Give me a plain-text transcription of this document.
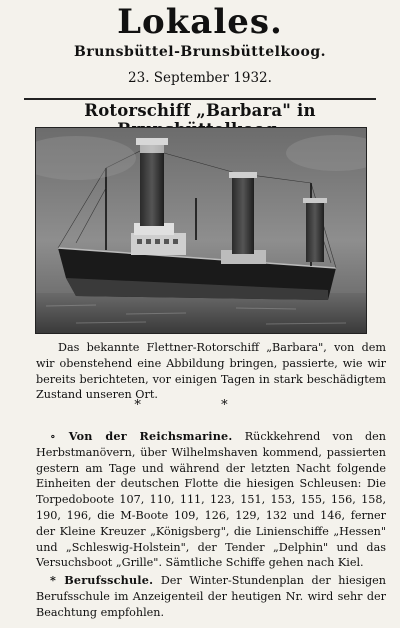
Lokales.
Brunsbüttel-Brunsbüttelkoog.
23. September 1932.
Rotorschiff „Barbara" in
Das bekannte Flettner-Rotorschiff „Barbara", von dem wir obenstehend eine Abbildung bringen, passierte, wie wir bereits berichteten, vor einigen Tagen in stark beschädigtem Zustand unseren Ort.
*	*
∘ Von der Reichsmarine. Rückkehrend von den Herbstmanövern, über Wilhelmshaven kommend, passierten gestern am Tage und während der letzten Nacht folgende Einheiten der deutschen Flotte die hiesigen Schleusen: Die Torpedoboote 107, 110, 111, 123, 151, 153, 155, 156, 158, 190, 196, die M-Boote 109, 126, 129, 132 und 146, ferner der Kleine Kreuzer „Königsberg", die Linienschiffe „Hessen" und „Schleswig-Holstein", der Tender „Delphin" und das Versuchsboot „Grille". Sämtliche Schiffe gehen nach Kiel.
* Berufsschule. Der Winter-Stundenplan der hiesigen Berufsschule im Anzeigenteil der heutigen Nr. wird sehr der Beachtung empfohlen.
